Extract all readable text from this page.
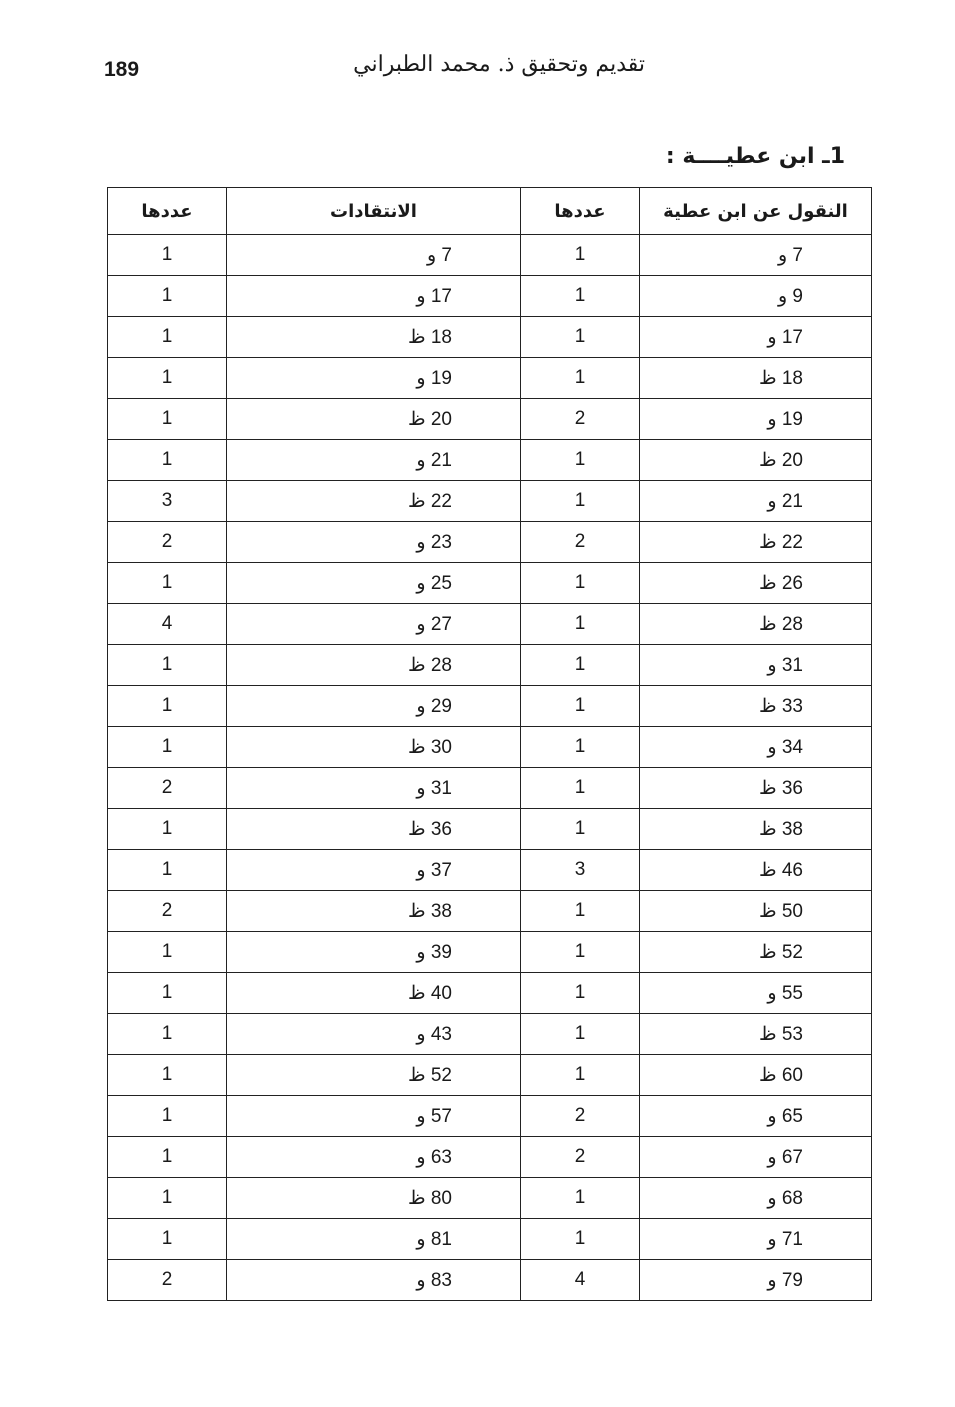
189	تقديم وتحقيق ذ. محمد الطبراني
1ـ ابن عطيــــة :
النقول عن ابن عطية	عددها	الانتقادات	عددها
7 و	1	7 و	1
9 و	1	17 و	1
17 و	1	18 ظ	1
18 ظ	1	19 و	1
19 و	2	20 ظ	1
20 ظ	1	21 و	1
21 و	1	22 ظ	3
22 ظ	2	23 و	2
26 ظ	1	25 و	1
28 ظ	1	27 و	4
31 و	1	28 ظ	1
33 ظ	1	29 و	1
34 و	1	30 ظ	1
36 ظ	1	31 و	2
38 ظ	1	36 ظ	1
46 ظ	3	37 و	1
50 ظ	1	38 ظ	2
52 ظ	1	39 و	1
55 و	1	40 ظ	1
53 ظ	1	43 و	1
60 ظ	1	52 ظ	1
65 و	2	57 و	1
67 و	2	63 و	1
68 و	1	80 ظ	1
71 و	1	81 و	1
79 و	4	83 و	2
